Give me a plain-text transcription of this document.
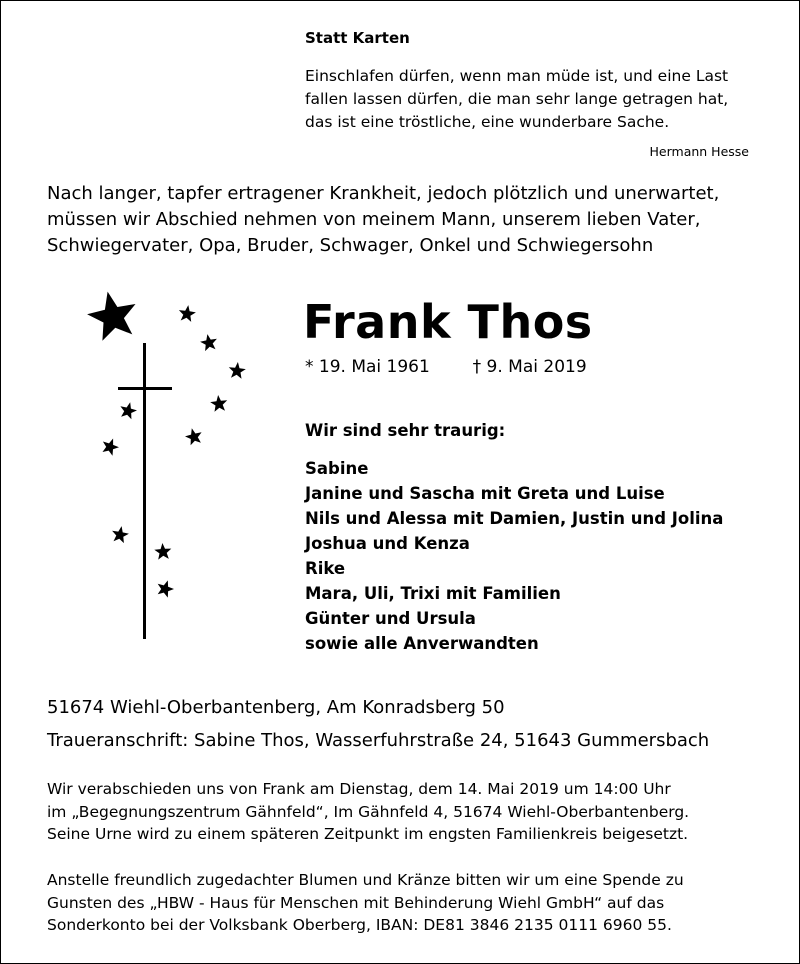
Statt Karten

Einschlafen dürfen, wenn man müde ist, und eine Last
fallen lassen dürfen, die man sehr lange getragen hat,
das ist eine tröstliche, eine wunderbare Sache.

Hermann Hesse

Nach langer, tapfer ertragener Krankheit, jedoch plötzlich und unerwartet,
müssen wir Abschied nehmen von meinem Mann, unserem lieben Vater,
Schwiegervater, Opa, Bruder, Schwager, Onkel und Schwiegersohn
Frank Thos

* 19. Mai 1961	† 9. Mai 2019

Wir sind sehr traurig:

Sabine
Janine und Sascha mit Greta und Luise
Nils und Alessa mit Damien, Justin und Jolina
Joshua und Kenza
Rike
Mara, Uli, Trixi mit Familien
Günter und Ursula
sowie alle Anverwandten
51674 Wiehl-Oberbantenberg, Am Konradsberg 50
Traueranschrift: Sabine Thos, Wasserfuhrstraße 24, 51643 Gummersbach
Wir verabschieden uns von Frank am Dienstag, dem 14. Mai 2019 um 14:00 Uhr
im „Begegnungszentrum Gähnfeld“, Im Gähnfeld 4, 51674 Wiehl-Oberbantenberg.
Seine Urne wird zu einem späteren Zeitpunkt im engsten Familienkreis beigesetzt.
Anstelle freundlich zugedachter Blumen und Kränze bitten wir um eine Spende zu
Gunsten des „HBW - Haus für Menschen mit Behinderung Wiehl GmbH“ auf das
Sonderkonto bei der Volksbank Oberberg, IBAN: DE81 3846 2135 0111 6960 55.
